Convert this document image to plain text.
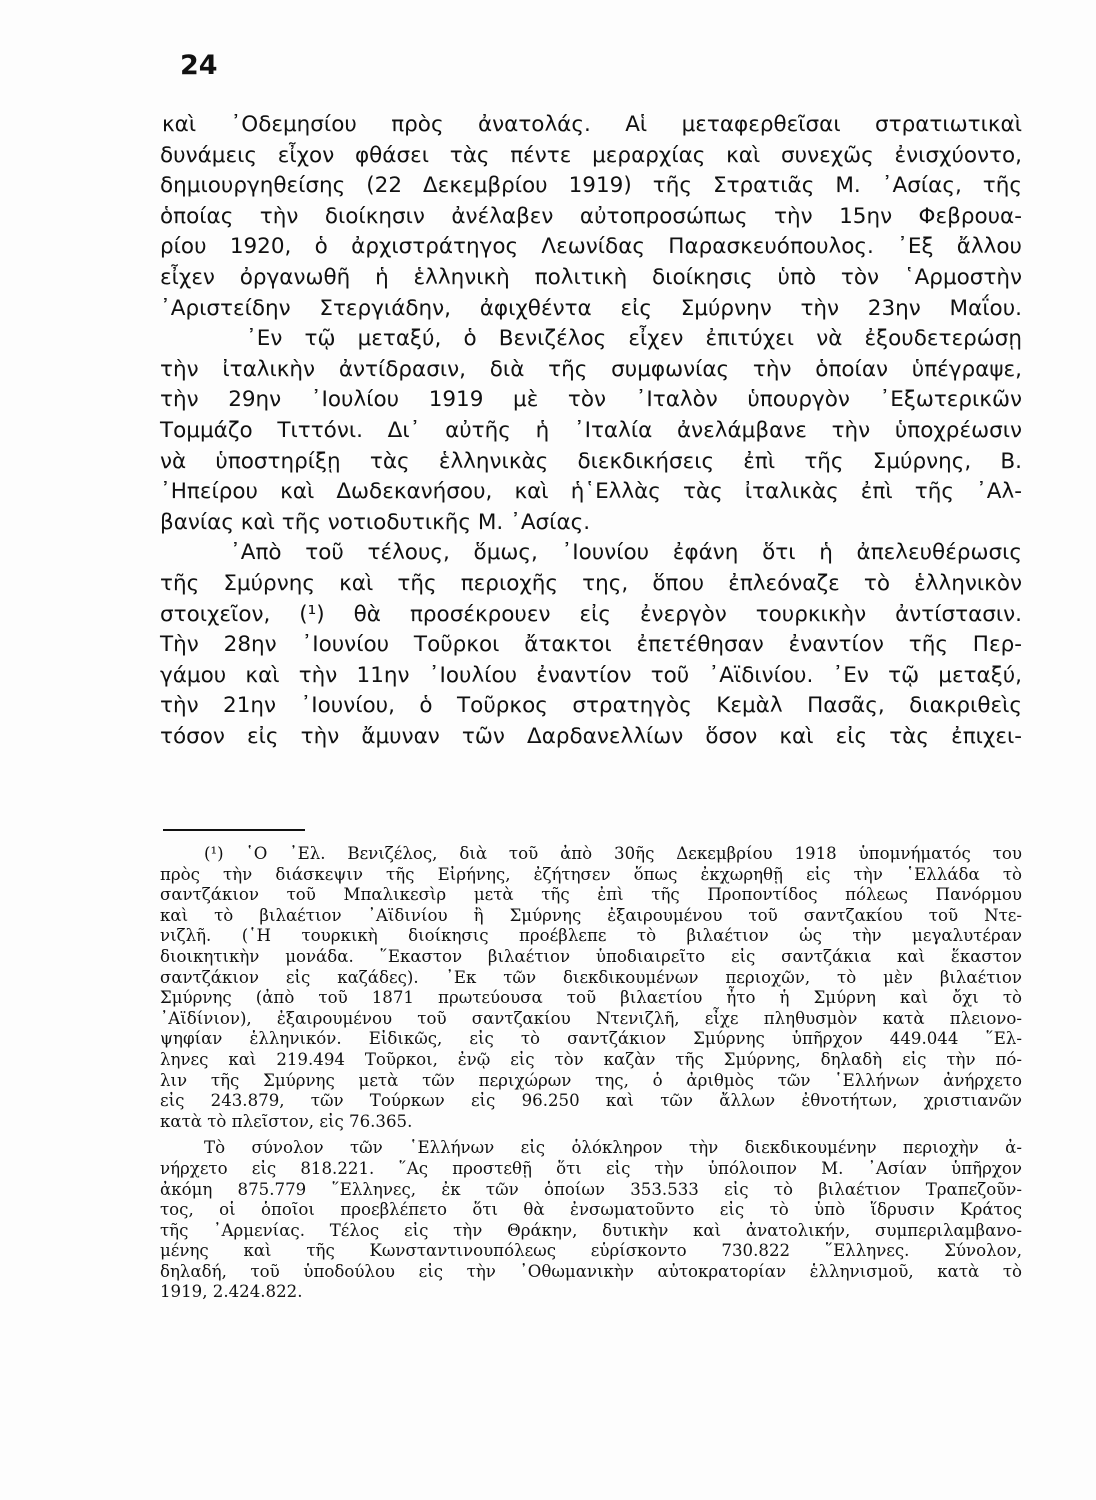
24
καὶ ᾿Οδεμησίου πρὸς ἀνατολάς. Αἱ μεταφερθεῖσαι στρατιωτικαὶ
δυνάμεις εἶχον φθάσει τὰς πέντε μεραρχίας καὶ συνεχῶς ἐνισχύοντο,
δημιουργηθείσης (22 Δεκεμβρίου 1919) τῆς Στρατιᾶς Μ. ᾿Ασίας, τῆς
ὁποίας τὴν διοίκησιν ἀνέλαβεν αὐτοπροσώπως τὴν 15ην Φεβρουα-
ρίου 1920, ὁ ἀρχιστράτηγος Λεωνίδας Παρασκευόπουλος. ᾿Εξ ἄλλου
εἶχεν ὀργανωθῆ ἡ ἑλληνικὴ πολιτικὴ διοίκησις ὑπὸ τὸν ῾Αρμοστὴν
᾿Αριστείδην Στεργιάδην, ἀφιχθέντα εἰς Σμύρνην τὴν 23ην Μαΐου.
᾿Εν τῷ μεταξύ, ὁ Βενιζέλος εἶχεν ἐπιτύχει νὰ ἐξουδετερώσῃ
τὴν ἰταλικὴν ἀντίδρασιν, διὰ τῆς συμφωνίας τὴν ὁποίαν ὑπέγραψε,
τὴν 29ην ᾿Ιουλίου 1919 μὲ τὸν ᾿Ιταλὸν ὑπουργὸν ᾿Εξωτερικῶν
Τομμάζο Τιττόνι. Δι᾿ αὐτῆς ἡ ᾿Ιταλία ἀνελάμβανε τὴν ὑποχρέωσιν
νὰ ὑποστηρίξῃ τὰς ἑλληνικὰς διεκδικήσεις ἐπὶ τῆς Σμύρνης, Β.
᾿Ηπείρου καὶ Δωδεκανήσου, καὶ ἡ῾Ελλὰς τὰς ἰταλικὰς ἐπὶ τῆς ᾿Αλ-
βανίας καὶ τῆς νοτιοδυτικῆς Μ. ᾿Ασίας.
᾿Απὸ τοῦ τέλους, ὅμως, ᾿Ιουνίου ἐφάνη ὅτι ἡ ἀπελευθέρωσις
τῆς Σμύρνης καὶ τῆς περιοχῆς της, ὅπου ἐπλεόναζε τὸ ἑλληνικὸν
στοιχεῖον, (¹) θὰ προσέκρουεν εἰς ἐνεργὸν τουρκικὴν ἀντίστασιν.
Τὴν 28ην ᾿Ιουνίου Τοῦρκοι ἄτακτοι ἐπετέθησαν ἐναντίον τῆς Περ-
γάμου καὶ τὴν 11ην ᾿Ιουλίου ἐναντίον τοῦ ᾿Αϊδινίου. ᾿Εν τῷ μεταξύ,
τὴν 21ην ᾿Ιουνίου, ὁ Τοῦρκος στρατηγὸς Κεμὰλ Πασᾶς, διακριθεὶς
τόσον εἰς τὴν ἄμυναν τῶν Δαρδανελλίων ὅσον καὶ εἰς τὰς ἐπιχει-
(¹) ῾Ο ᾿Ελ. Βενιζέλος, διὰ τοῦ ἀπὸ 30ῆς Δεκεμβρίου 1918 ὑπομνήματός του
πρὸς τὴν διάσκεψιν τῆς Εἰρήνης, ἐζήτησεν ὅπως ἐκχωρηθῇ εἰς τὴν ῾Ελλάδα τὸ
σαντζάκιον τοῦ Μπαλικεσὶρ μετὰ τῆς ἐπὶ τῆς Προποντίδος πόλεως Πανόρμου
καὶ τὸ βιλαέτιον ᾿Αϊδινίου ἢ Σμύρνης ἐξαιρουμένου τοῦ σαντζακίου τοῦ Ντε-
νιζλῆ. (῾Η τουρκικὴ διοίκησις προέβλεπε τὸ βιλαέτιον ὡς τὴν μεγαλυτέραν
διοικητικὴν μονάδα. ῞Εκαστον βιλαέτιον ὑποδιαιρεῖτο εἰς σαντζάκια καὶ ἕκαστον
σαντζάκιον εἰς καζάδες). ᾿Εκ τῶν διεκδικουμένων περιοχῶν, τὸ μὲν βιλαέτιον
Σμύρνης (ἀπὸ τοῦ 1871 πρωτεύουσα τοῦ βιλαετίου ἦτο ἡ Σμύρνη καὶ ὄχι τὸ
᾿Αϊδίνιον), ἐξαιρουμένου τοῦ σαντζακίου Ντενιζλῆ, εἶχε πληθυσμὸν κατὰ πλειονο-
ψηφίαν ἑλληνικόν. Εἰδικῶς, εἰς τὸ σαντζάκιον Σμύρνης ὑπῆρχον 449.044 ῞Ελ-
ληνες καὶ 219.494 Τοῦρκοι, ἐνῷ εἰς τὸν καζὰν τῆς Σμύρνης, δηλαδὴ εἰς τὴν πό-
λιν τῆς Σμύρνης μετὰ τῶν περιχώρων της, ὁ ἀριθμὸς τῶν ῾Ελλήνων ἀνήρχετο
εἰς 243.879, τῶν Τούρκων εἰς 96.250 καὶ τῶν ἄλλων ἐθνοτήτων, χριστιανῶν
κατὰ τὸ πλεῖστον, εἰς 76.365.
Τὸ σύνολον τῶν ῾Ελλήνων εἰς ὁλόκληρον τὴν διεκδικουμένην περιοχὴν ἀ-
νήρχετο εἰς 818.221. ῞Ας προστεθῇ ὅτι εἰς τὴν ὑπόλοιπον Μ. ᾿Ασίαν ὑπῆρχον
ἀκόμη 875.779 ῞Ελληνες, ἐκ τῶν ὁποίων 353.533 εἰς τὸ βιλαέτιον Τραπεζοῦν-
τος, οἱ ὁποῖοι προεβλέπετο ὅτι θὰ ἐνσωματοῦντο εἰς τὸ ὑπὸ ἵδρυσιν Κράτος
τῆς ᾿Αρμενίας. Τέλος εἰς τὴν Θράκην, δυτικὴν καὶ ἀνατολικήν, συμπεριλαμβανο-
μένης καὶ τῆς Κωνσταντινουπόλεως εὑρίσκοντο 730.822 ῞Ελληνες. Σύνολον,
δηλαδή, τοῦ ὑποδούλου εἰς τὴν ᾿Οθωμανικὴν αὐτοκρατορίαν ἑλληνισμοῦ, κατὰ τὸ
1919, 2.424.822.
